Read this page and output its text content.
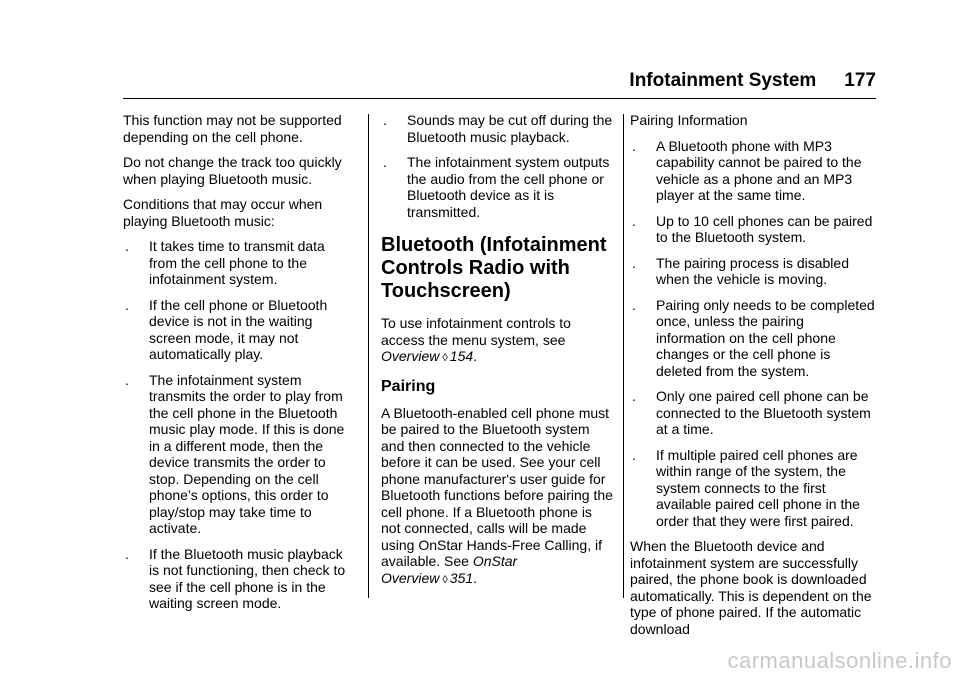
Infotainment System 177

This function may not be supported depending on the cell phone.

Do not change the track too quickly when playing Bluetooth music.

Conditions that may occur when playing Bluetooth music:

. It takes time to transmit data from the cell phone to the infotainment system.
. If the cell phone or Bluetooth device is not in the waiting screen mode, it may not automatically play.
. The infotainment system transmits the order to play from the cell phone in the Bluetooth music play mode. If this is done in a different mode, then the device transmits the order to stop. Depending on the cell phone’s options, this order to play/stop may take time to activate.
. If the Bluetooth music playback is not functioning, then check to see if the cell phone is in the waiting screen mode.
. Sounds may be cut off during the Bluetooth music playback.
. The infotainment system outputs the audio from the cell phone or Bluetooth device as it is transmitted.
Bluetooth (Infotainment Controls Radio with Touchscreen)

To use infotainment controls to access the menu system, see Overview ◊ 154.

Pairing

A Bluetooth-enabled cell phone must be paired to the Bluetooth system and then connected to the vehicle before it can be used. See your cell phone manufacturer's user guide for Bluetooth functions before pairing the cell phone. If a Bluetooth phone is not connected, calls will be made using OnStar Hands-Free Calling, if available. See OnStar Overview ◊ 351.

Pairing Information

. A Bluetooth phone with MP3 capability cannot be paired to the vehicle as a phone and an MP3 player at the same time.
. Up to 10 cell phones can be paired to the Bluetooth system.
. The pairing process is disabled when the vehicle is moving.
. Pairing only needs to be completed once, unless the pairing information on the cell phone changes or the cell phone is deleted from the system.
. Only one paired cell phone can be connected to the Bluetooth system at a time.
. If multiple paired cell phones are within range of the system, the system connects to the first available paired cell phone in the order that they were first paired.

When the Bluetooth device and infotainment system are successfully paired, the phone book is downloaded automatically. This is dependent on the type of phone paired. If the automatic download

carmanualsonline.info
